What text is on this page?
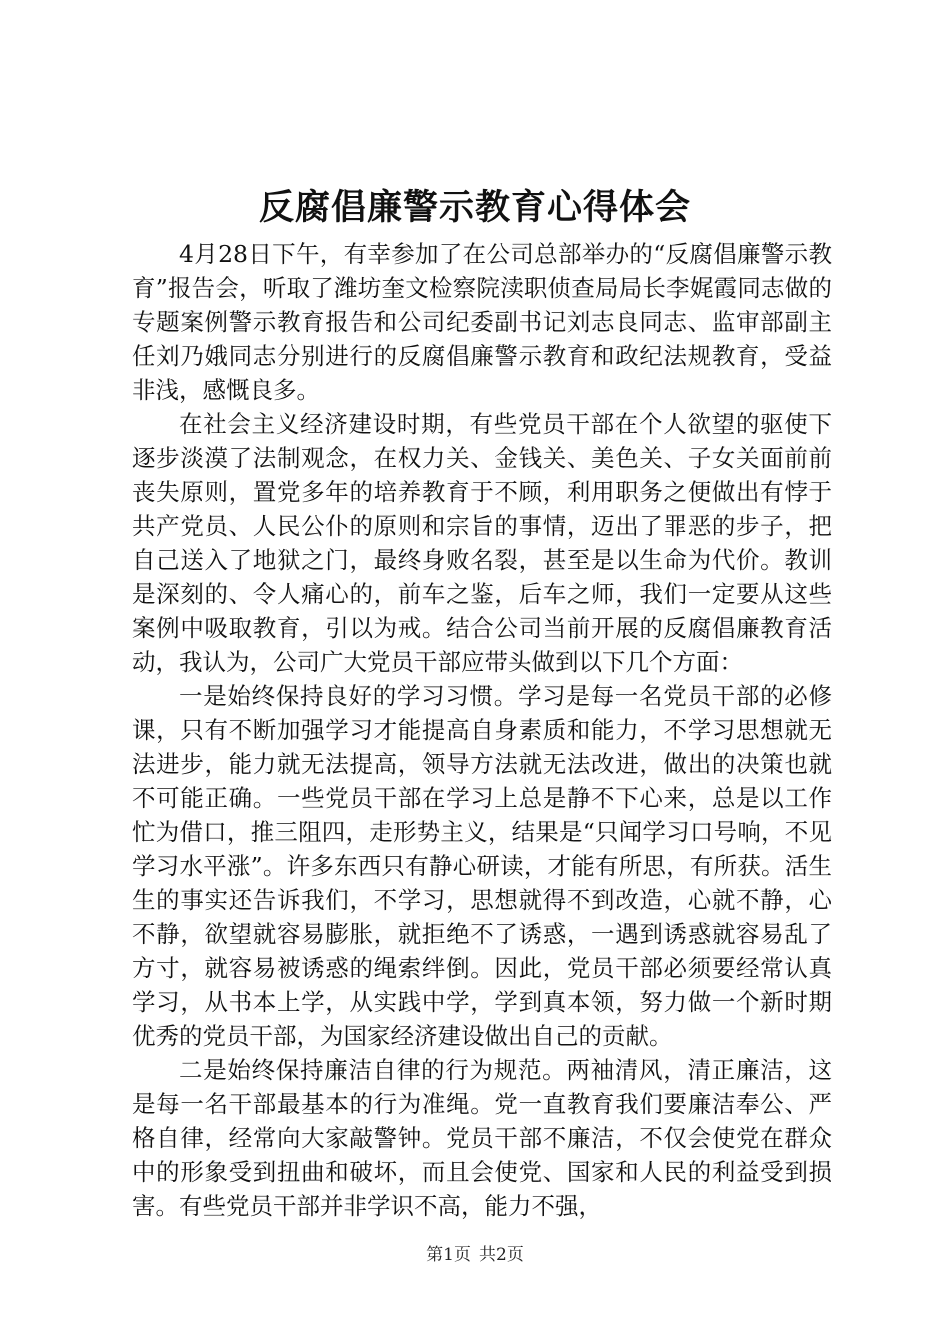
反腐倡廉警示教育心得体会

4月28日下午，有幸参加了在公司总部举办的“反腐倡廉警示教育”报告会，听取了潍坊奎文检察院渎职侦查局局长李娓霞同志做的专题案例警示教育报告和公司纪委副书记刘志良同志、监审部副主任刘乃娥同志分别进行的反腐倡廉警示教育和政纪法规教育，受益非浅，感慨良多。

在社会主义经济建设时期，有些党员干部在个人欲望的驱使下逐步淡漠了法制观念，在权力关、金钱关、美色关、子女关面前前丧失原则，置党多年的培养教育于不顾，利用职务之便做出有悖于共产党员、人民公仆的原则和宗旨的事情，迈出了罪恶的步子，把自己送入了地狱之门，最终身败名裂，甚至是以生命为代价。教训是深刻的、令人痛心的，前车之鉴，后车之师，我们一定要从这些案例中吸取教育，引以为戒。结合公司当前开展的反腐倡廉教育活动，我认为，公司广大党员干部应带头做到以下几个方面：

一是始终保持良好的学习习惯。学习是每一名党员干部的必修课，只有不断加强学习才能提高自身素质和能力，不学习思想就无法进步，能力就无法提高，领导方法就无法改进，做出的决策也就不可能正确。一些党员干部在学习上总是静不下心来，总是以工作忙为借口，推三阻四，走形势主义，结果是“只闻学习口号响，不见学习水平涨”。许多东西只有静心研读，才能有所思，有所获。活生生的事实还告诉我们，不学习，思想就得不到改造，心就不静，心不静，欲望就容易膨胀，就拒绝不了诱惑，一遇到诱惑就容易乱了方寸，就容易被诱惑的绳索绊倒。因此，党员干部必须要经常认真学习，从书本上学，从实践中学，学到真本领，努力做一个新时期优秀的党员干部，为国家经济建设做出自己的贡献。

二是始终保持廉洁自律的行为规范。两袖清风，清正廉洁，这是每一名干部最基本的行为准绳。党一直教育我们要廉洁奉公、严格自律，经常向大家敲警钟。党员干部不廉洁，不仅会使党在群众中的形象受到扭曲和破坏，而且会使党、国家和人民的利益受到损害。有些党员干部并非学识不高，能力不强，

第1页 共2页
